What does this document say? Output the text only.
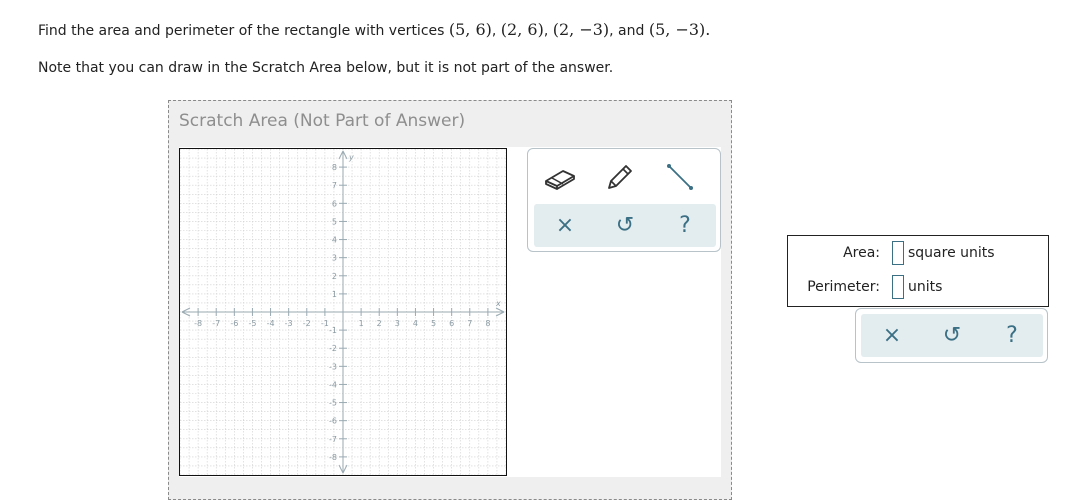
Find the area and perimeter of the rectangle with vertices (5, 6), (2, 6), (2, −3), and (5, −3).
Note that you can draw in the Scratch Area below, but it is not part of the answer.
Scratch Area (Not Part of Answer)
-8 -7 -6 -5 -4 -3 -2 -1	1 2 3 4 5 6 7 8
8
7
6
5
4
3
2
1
-1
-2
-3
-4
-5
-6
-7
-8
x
y
× ↺ ?
Area: square units
Perimeter: units
× ↺ ?
